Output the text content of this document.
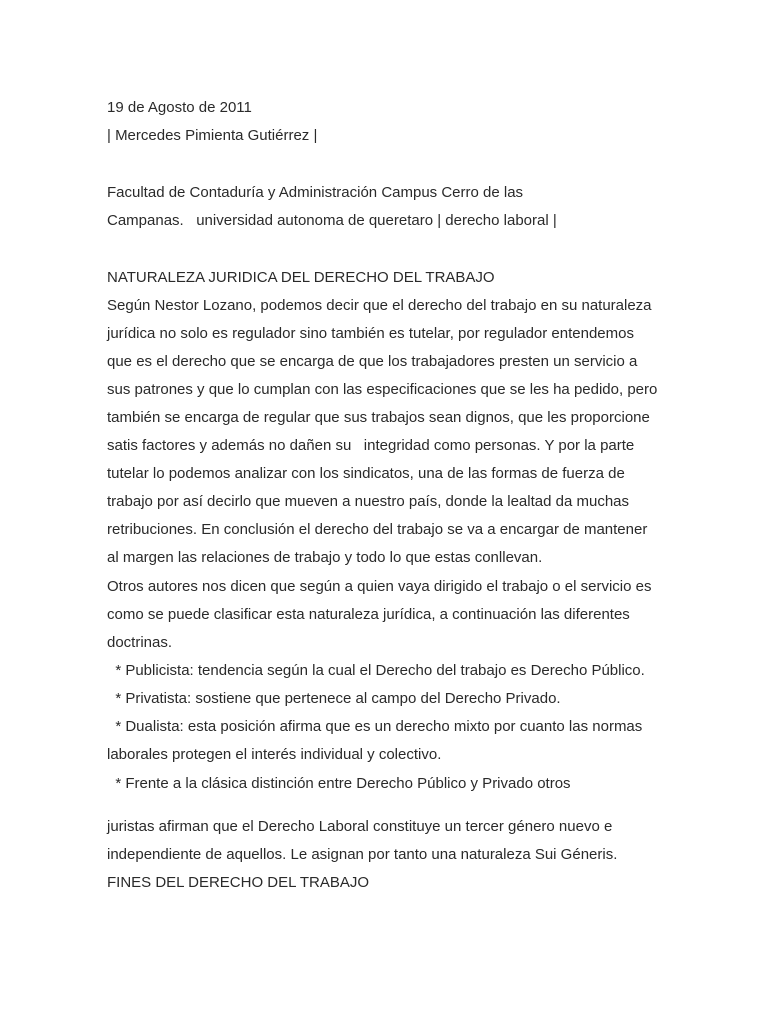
19 de Agosto de 2011
| Mercedes Pimienta Gutiérrez |
Facultad de Contaduría y Administración Campus Cerro de las
Campanas.   universidad autonoma de queretaro | derecho laboral |
NATURALEZA JURIDICA DEL DERECHO DEL TRABAJO
Según Nestor Lozano, podemos decir que el derecho del trabajo en su naturaleza
jurídica no solo es regulador sino también es tutelar, por regulador entendemos
que es el derecho que se encarga de que los trabajadores presten un servicio a
sus patrones y que lo cumplan con las especificaciones que se les ha pedido, pero
también se encarga de regular que sus trabajos sean dignos, que les proporcione
satis factores y además no dañen su   integridad como personas. Y por la parte
tutelar lo podemos analizar con los sindicatos, una de las formas de fuerza de
trabajo por así decirlo que mueven a nuestro país, donde la lealtad da muchas
retribuciones. En conclusión el derecho del trabajo se va a encargar de mantener
al margen las relaciones de trabajo y todo lo que estas conllevan.
Otros autores nos dicen que según a quien vaya dirigido el trabajo o el servicio es
como se puede clasificar esta naturaleza jurídica, a continuación las diferentes
doctrinas.
* Publicista: tendencia según la cual el Derecho del trabajo es Derecho Público.
* Privatista: sostiene que pertenece al campo del Derecho Privado.
* Dualista: esta posición afirma que es un derecho mixto por cuanto las normas
laborales protegen el interés individual y colectivo.
* Frente a la clásica distinción entre Derecho Público y Privado otros
juristas afirman que el Derecho Laboral constituye un tercer género nuevo e
independiente de aquellos. Le asignan por tanto una naturaleza Sui Géneris.
FINES DEL DERECHO DEL TRABAJO
